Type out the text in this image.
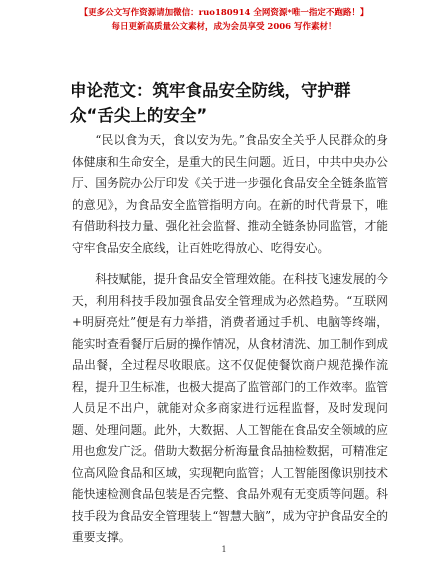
【更多公文写作资源请加微信：ruo180914 全网资源*唯一指定不跑路！】
每日更新高质量公文素材，成为会员享受 2006 写作素材！
申论范文：筑牢食品安全防线，守护群众“舌尖上的安全”

“民以食为天，食以安为先。”食品安全关乎人民群众的身体健康和生命安全，是重大的民生问题。近日，中共中央办公厅、国务院办公厅印发《关于进一步强化食品安全全链条监管的意见》，为食品安全监管指明方向。在新的时代背景下，唯有借助科技力量、强化社会监督、推动全链条协同监管，才能守牢食品安全底线，让百姓吃得放心、吃得安心。

科技赋能，提升食品安全管理效能。在科技飞速发展的今天，利用科技手段加强食品安全管理成为必然趋势。“互联网+明厨亮灶”便是有力举措，消费者通过手机、电脑等终端，能实时查看餐厅后厨的操作情况，从食材清洗、加工制作到成品出餐，全过程尽收眼底。这不仅促使餐饮商户规范操作流程，提升卫生标准，也极大提高了监管部门的工作效率。监管人员足不出户，就能对众多商家进行远程监督，及时发现问题、处理问题。此外，大数据、人工智能在食品安全领域的应用也愈发广泛。借助大数据分析海量食品抽检数据，可精准定位高风险食品和区域，实现靶向监管；人工智能图像识别技术能快速检测食品包装是否完整、食品外观有无变质等问题。科技手段为食品安全管理装上“智慧大脑”，成为守护食品安全的重要支撑。

1
